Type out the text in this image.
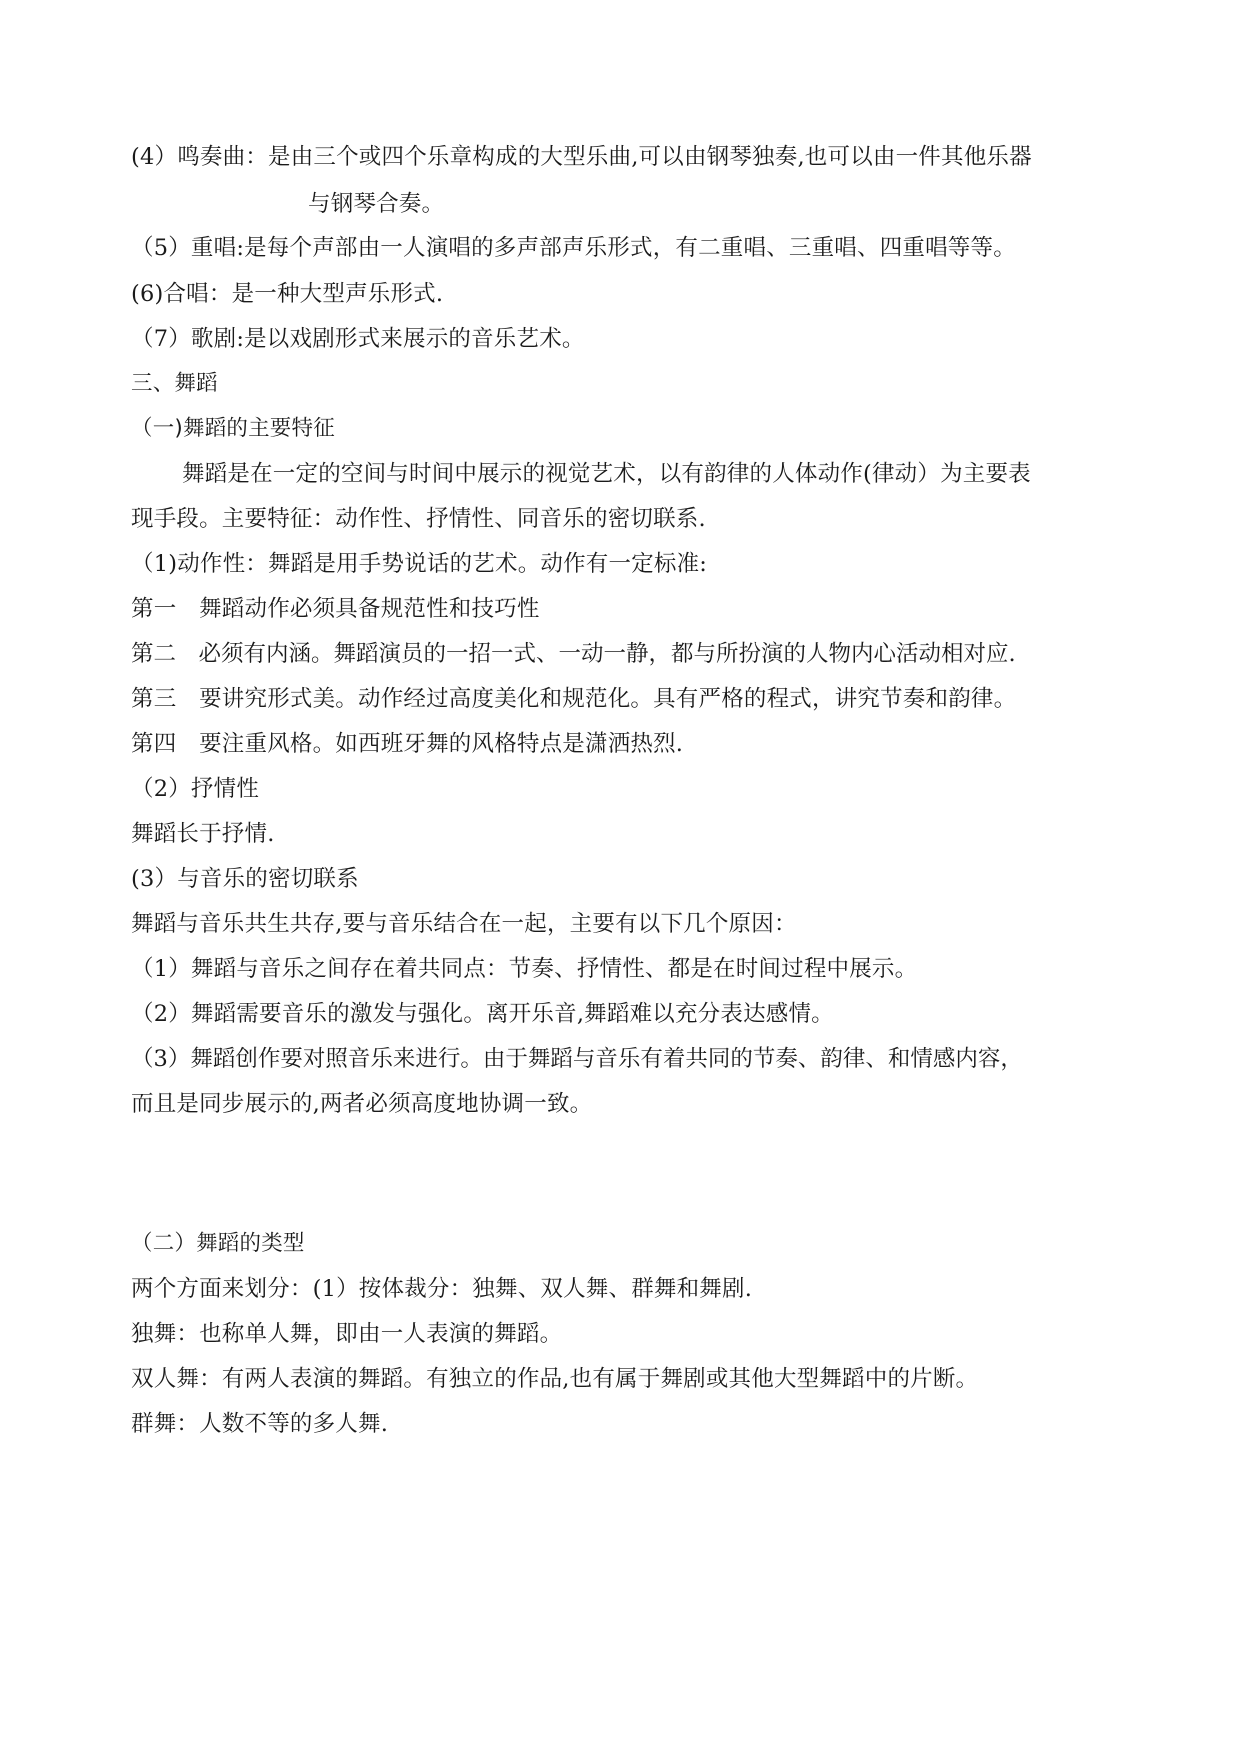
(4）鸣奏曲：是由三个或四个乐章构成的大型乐曲,可以由钢琴独奏,也可以由一件其他乐器
与钢琴合奏。
（5）重唱:是每个声部由一人演唱的多声部声乐形式，有二重唱、三重唱、四重唱等等。
(6)合唱：是一种大型声乐形式.
（7）歌剧:是以戏剧形式来展示的音乐艺术。
三、舞蹈
（一)舞蹈的主要特征
舞蹈是在一定的空间与时间中展示的视觉艺术，以有韵律的人体动作(律动）为主要表
现手段。主要特征：动作性、抒情性、同音乐的密切联系.
（1)动作性：舞蹈是用手势说话的艺术。动作有一定标准:
第一　舞蹈动作必须具备规范性和技巧性
第二　必须有内涵。舞蹈演员的一招一式、一动一静，都与所扮演的人物内心活动相对应.
第三　要讲究形式美。动作经过高度美化和规范化。具有严格的程式，讲究节奏和韵律。
第四　要注重风格。如西班牙舞的风格特点是潇洒热烈.
（2）抒情性
舞蹈长于抒情.
(3）与音乐的密切联系
舞蹈与音乐共生共存,要与音乐结合在一起，主要有以下几个原因：
（1）舞蹈与音乐之间存在着共同点：节奏、抒情性、都是在时间过程中展示。
（2）舞蹈需要音乐的激发与强化。离开乐音,舞蹈难以充分表达感情。
（3）舞蹈创作要对照音乐来进行。由于舞蹈与音乐有着共同的节奏、韵律、和情感内容，
而且是同步展示的,两者必须高度地协调一致。
（二）舞蹈的类型
两个方面来划分：(1）按体裁分：独舞、双人舞、群舞和舞剧.
独舞：也称单人舞，即由一人表演的舞蹈。
双人舞：有两人表演的舞蹈。有独立的作品,也有属于舞剧或其他大型舞蹈中的片断。
群舞：人数不等的多人舞.
